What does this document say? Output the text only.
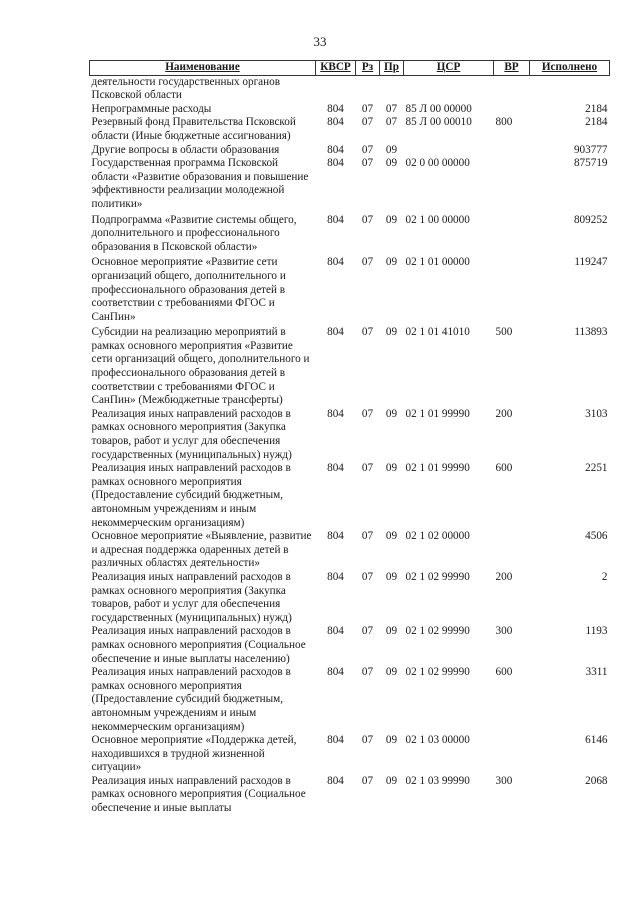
33
Наименование	КВСР	Рз	Пр	ЦСР	ВР	Исполнено
деятельности государственных органов Псковской области						
Непрограммные расходы	804	07	07	85 Л 00 00000		2184
Резервный фонд Правительства Псковской области (Иные бюджетные ассигнования)	804	07	07	85 Л 00 00010	800	2184
Другие вопросы в области образования	804	07	09			903777
Государственная программа Псковской области «Развитие образования и повышение эффективности реализации молодежной политики»	804	07	09	02 0 00 00000		875719
Подпрограмма «Развитие системы общего, дополнительного и профессионального образования в Псковской области»	804	07	09	02 1 00 00000		809252
Основное мероприятие «Развитие сети организаций общего, дополнительного и профессионального образования детей в соответствии с требованиями ФГОС и СанПин»	804	07	09	02 1 01 00000		119247
Субсидии на реализацию мероприятий в рамках основного мероприятия «Развитие сети организаций общего, дополнительного и профессионального образования детей в соответствии с требованиями ФГОС и СанПин» (Межбюджетные трансферты)	804	07	09	02 1 01 41010	500	113893
Реализация иных направлений расходов в рамках основного мероприятия (Закупка товаров, работ и услуг для обеспечения государственных (муниципальных) нужд)	804	07	09	02 1 01 99990	200	3103
Реализация иных направлений расходов в рамках основного мероприятия (Предоставление субсидий бюджетным, автономным учреждениям и иным некоммерческим организациям)	804	07	09	02 1 01 99990	600	2251
Основное мероприятие «Выявление, развитие и адресная поддержка одаренных детей в различных областях деятельности»	804	07	09	02 1 02 00000		4506
Реализация иных направлений расходов в рамках основного мероприятия (Закупка товаров, работ и услуг для обеспечения государственных (муниципальных) нужд)	804	07	09	02 1 02 99990	200	2
Реализация иных направлений расходов в рамках основного мероприятия (Социальное обеспечение и иные выплаты населению)	804	07	09	02 1 02 99990	300	1193
Реализация иных направлений расходов в рамках основного мероприятия (Предоставление субсидий бюджетным, автономным учреждениям и иным некоммерческим организациям)	804	07	09	02 1 02 99990	600	3311
Основное мероприятие «Поддержка детей, находившихся в трудной жизненной ситуации»	804	07	09	02 1 03 00000		6146
Реализация иных направлений расходов в рамках основного мероприятия (Социальное обеспечение и иные выплаты	804	07	09	02 1 03 99990	300	2068
